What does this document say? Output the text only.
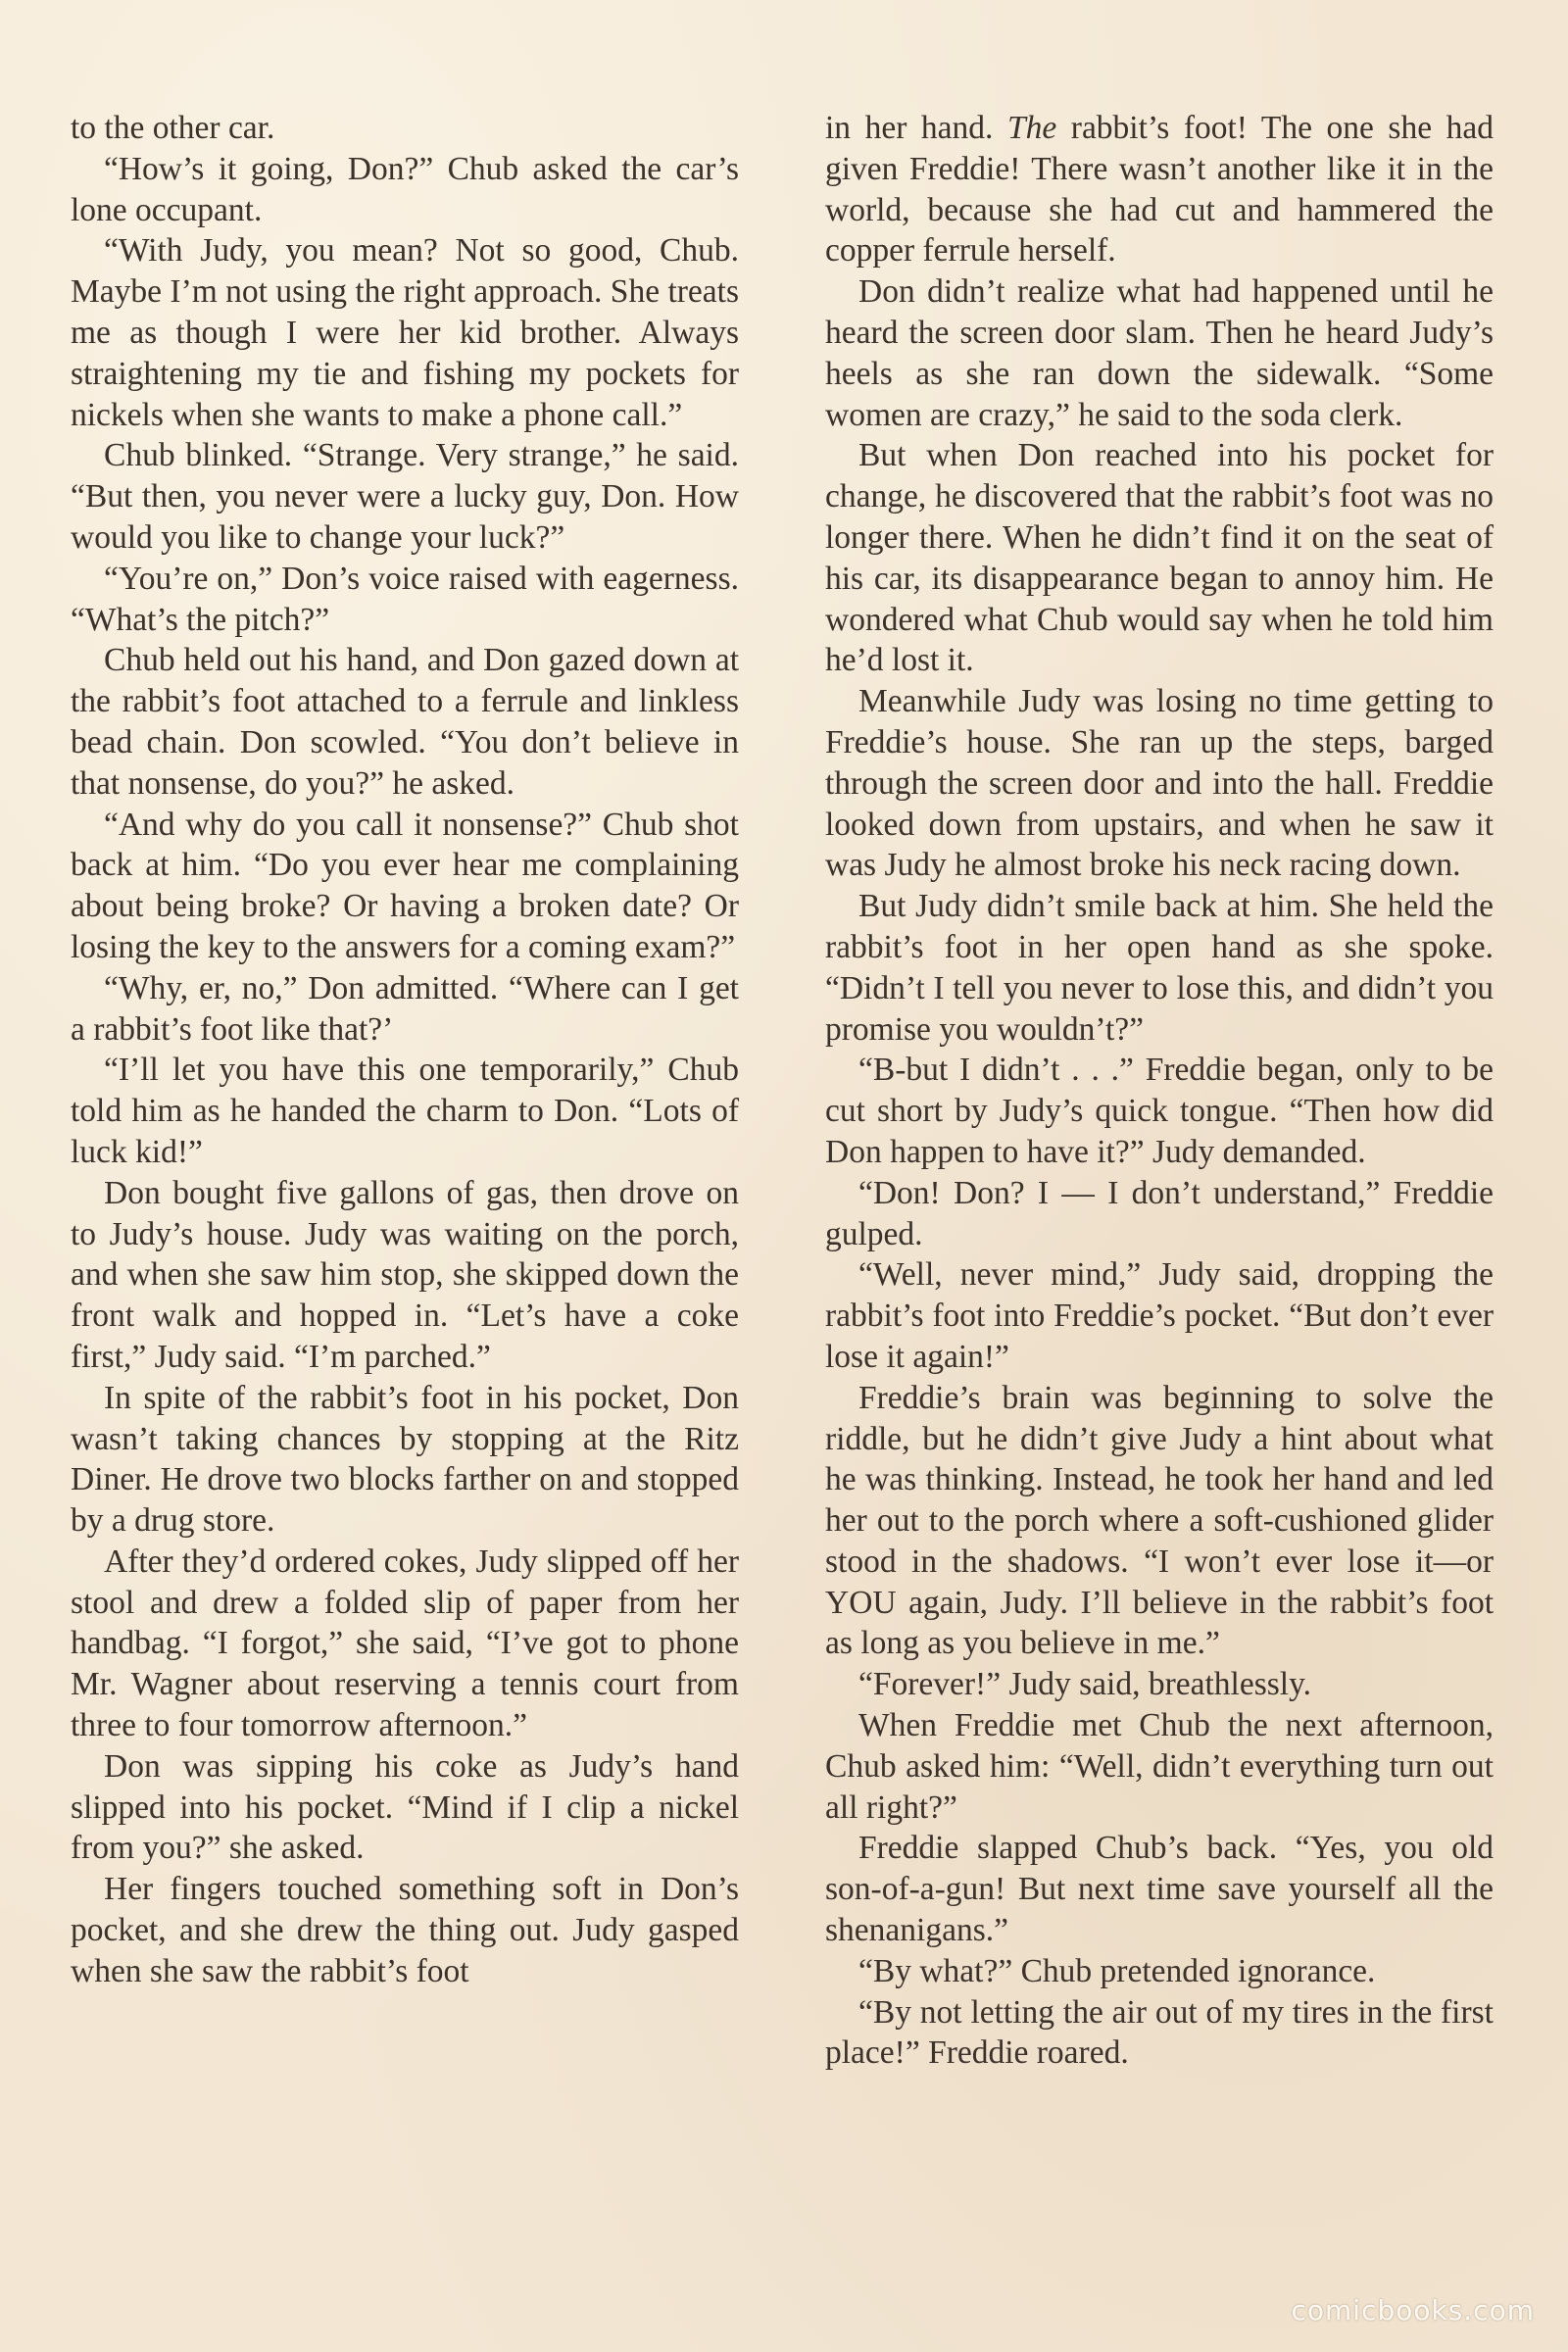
to the other car.

“How’s it going, Don?” Chub asked the car’s lone occupant.

“With Judy, you mean? Not so good, Chub. Maybe I’m not using the right approach. She treats me as though I were her kid brother. Always straightening my tie and fishing my pockets for nickels when she wants to make a phone call.”

Chub blinked. “Strange. Very strange,” he said. “But then, you never were a lucky guy, Don. How would you like to change your luck?”

“You’re on,” Don’s voice raised with eagerness. “What’s the pitch?”

Chub held out his hand, and Don gazed down at the rabbit’s foot attached to a ferrule and linkless bead chain. Don scowled. “You don’t believe in that nonsense, do you?” he asked.

“And why do you call it nonsense?” Chub shot back at him. “Do you ever hear me complaining about being broke? Or having a broken date? Or losing the key to the answers for a coming exam?”

“Why, er, no,” Don admitted. “Where can I get a rabbit’s foot like that?’

“I’ll let you have this one temporarily,” Chub told him as he handed the charm to Don. “Lots of luck kid!”

Don bought five gallons of gas, then drove on to Judy’s house. Judy was waiting on the porch, and when she saw him stop, she skipped down the front walk and hopped in. “Let’s have a coke first,” Judy said. “I’m parched.”

In spite of the rabbit’s foot in his pocket, Don wasn’t taking chances by stopping at the Ritz Diner. He drove two blocks farther on and stopped by a drug store.

After they’d ordered cokes, Judy slipped off her stool and drew a folded slip of paper from her handbag. “I forgot,” she said, “I’ve got to phone Mr. Wagner about reserving a tennis court from three to four tomorrow afternoon.”

Don was sipping his coke as Judy’s hand slipped into his pocket. “Mind if I clip a nickel from you?” she asked.

Her fingers touched something soft in Don’s pocket, and she drew the thing out. Judy gasped when she saw the rabbit’s foot

in her hand. The rabbit’s foot! The one she had given Freddie! There wasn’t another like it in the world, because she had cut and hammered the copper ferrule herself.

Don didn’t realize what had happened until he heard the screen door slam. Then he heard Judy’s heels as she ran down the sidewalk. “Some women are crazy,” he said to the soda clerk.

But when Don reached into his pocket for change, he discovered that the rabbit’s foot was no longer there. When he didn’t find it on the seat of his car, its disappearance began to annoy him. He wondered what Chub would say when he told him he’d lost it.

Meanwhile Judy was losing no time getting to Freddie’s house. She ran up the steps, barged through the screen door and into the hall. Freddie looked down from upstairs, and when he saw it was Judy he almost broke his neck racing down.

But Judy didn’t smile back at him. She held the rabbit’s foot in her open hand as she spoke. “Didn’t I tell you never to lose this, and didn’t you promise you wouldn’t?”

“B-but I didn’t . . .” Freddie began, only to be cut short by Judy’s quick tongue. “Then how did Don happen to have it?” Judy demanded.

“Don! Don? I — I don’t understand,” Freddie gulped.

“Well, never mind,” Judy said, dropping the rabbit’s foot into Freddie’s pocket. “But don’t ever lose it again!”

Freddie’s brain was beginning to solve the riddle, but he didn’t give Judy a hint about what he was thinking. Instead, he took her hand and led her out to the porch where a soft-cushioned glider stood in the shadows. “I won’t ever lose it—or YOU again, Judy. I’ll believe in the rabbit’s foot as long as you believe in me.”

“Forever!” Judy said, breathlessly.

When Freddie met Chub the next afternoon, Chub asked him: “Well, didn’t everything turn out all right?”

Freddie slapped Chub’s back. “Yes, you old son-of-a-gun! But next time save yourself all the shenanigans.”

“By what?” Chub pretended ignorance.

“By not letting the air out of my tires in the first place!” Freddie roared.

comicbooks.com
